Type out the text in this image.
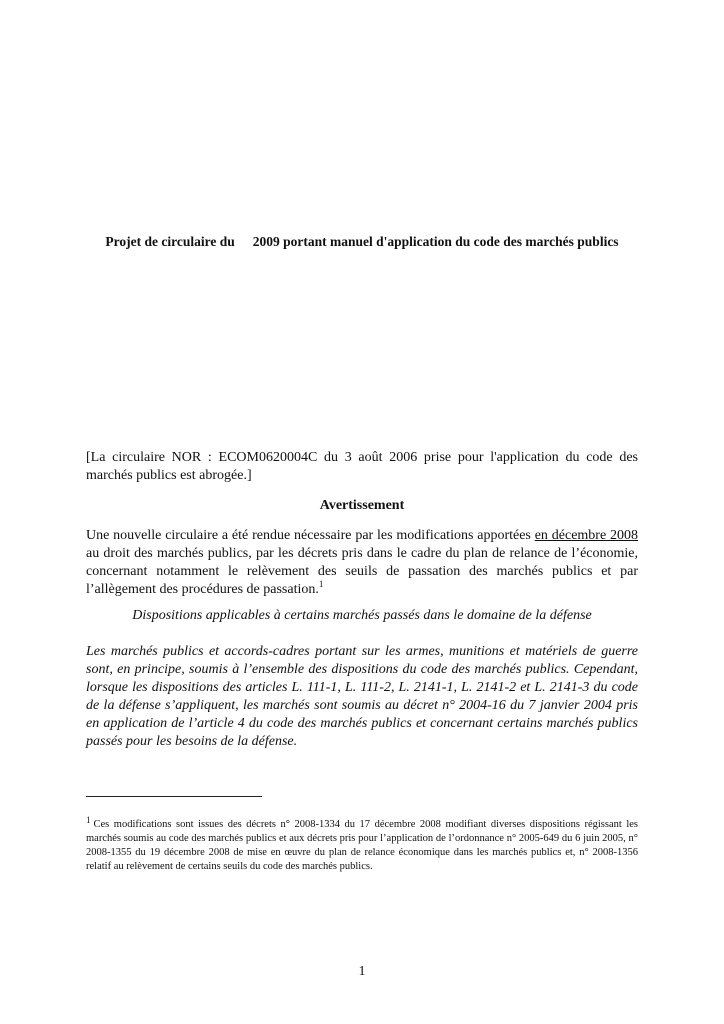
Projet de circulaire du 2009 portant manuel d'application du code des marchés publics
[La circulaire NOR : ECOM0620004C du 3 août 2006 prise pour l'application du code des marchés publics est abrogée.]
Avertissement
Une nouvelle circulaire a été rendue nécessaire par les modifications apportées en décembre 2008 au droit des marchés publics, par les décrets pris dans le cadre du plan de relance de l’économie, concernant notamment le relèvement des seuils de passation des marchés publics et par l’allègement des procédures de passation.$^1$
Dispositions applicables à certains marchés passés dans le domaine de la défense
Les marchés publics et accords-cadres portant sur les armes, munitions et matériels de guerre sont, en principe, soumis à l’ensemble des dispositions du code des marchés publics. Cependant, lorsque les dispositions des articles L. 111-1, L. 111-2, L. 2141-1, L. 2141-2 et L. 2141-3 du code de la défense s’appliquent, les marchés sont soumis au décret n° 2004-16 du 7 janvier 2004 pris en application de l’article 4 du code des marchés publics et concernant certains marchés publics passés pour les besoins de la défense.
$^1$ Ces modifications sont issues des décrets n° 2008-1334 du 17 décembre 2008 modifiant diverses dispositions régissant les marchés soumis au code des marchés publics et aux décrets pris pour l’application de l’ordonnance n° 2005-649 du 6 juin 2005, n° 2008-1355 du 19 décembre 2008 de mise en œuvre du plan de relance économique dans les marchés publics et, n° 2008-1356 relatif au relèvement de certains seuils du code des marchés publics.
1
